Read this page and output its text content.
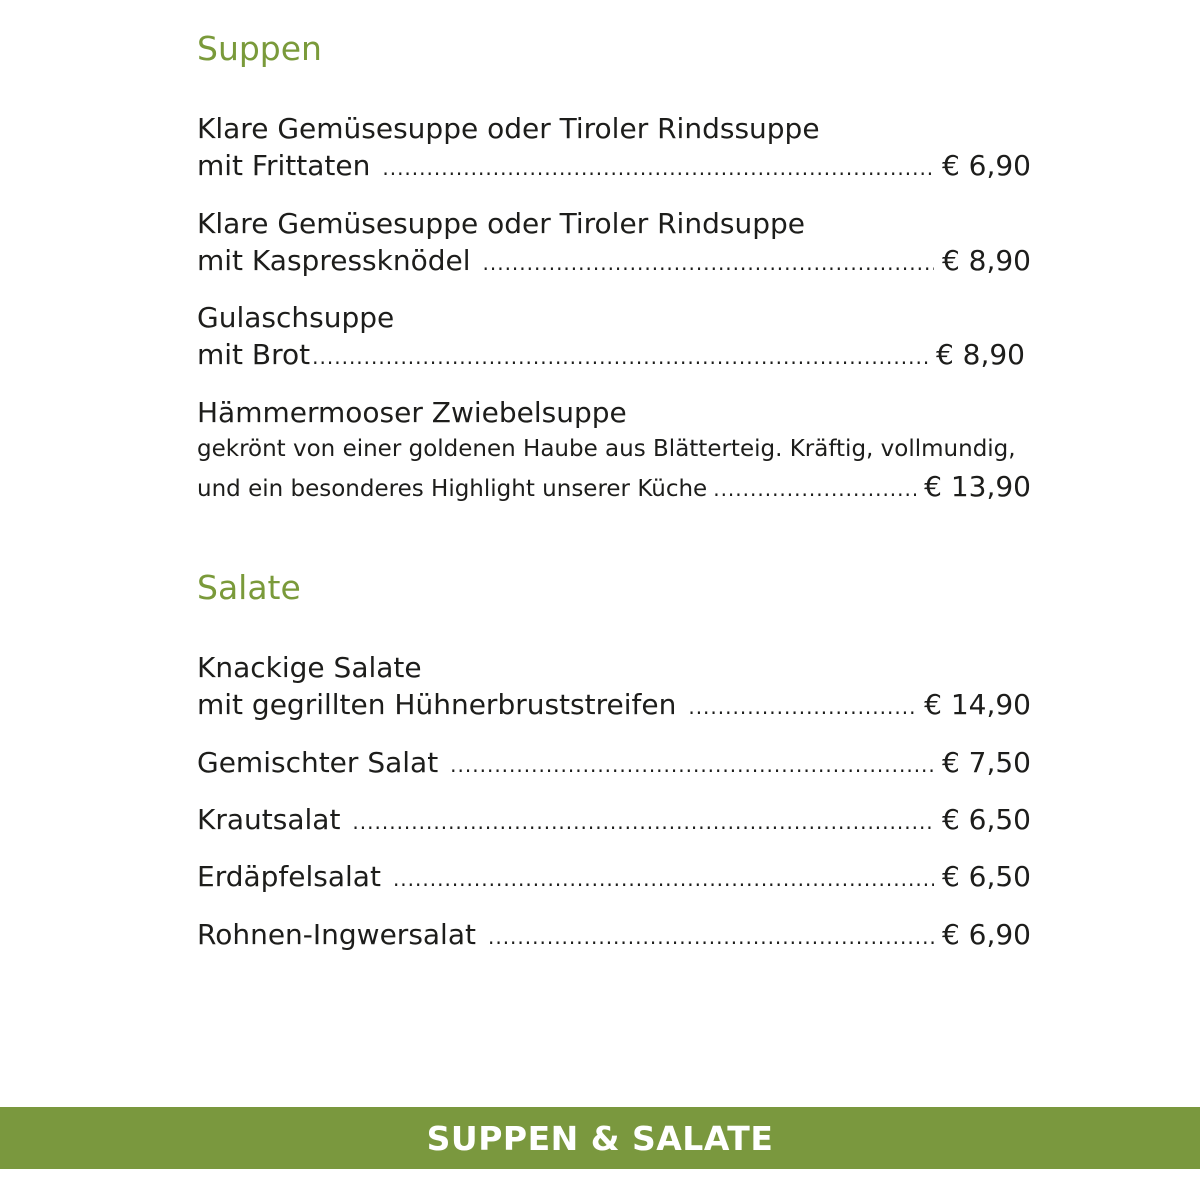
Suppen
Klare Gemüsesuppe oder Tiroler Rindssuppe
mit Frittaten .....	€ 6,90
Klare Gemüsesuppe oder Tiroler Rindsuppe
mit Kaspressknödel .....	€ 8,90
Gulaschsuppe
mit Brot .....	€ 8,90
Hämmermooser Zwiebelsuppe
gekrönt von einer goldenen Haube aus Blätterteig. Kräftig, vollmundig,
und ein besonderes Highlight unserer Küche .....	€ 13,90
Salate
Knackige Salate
mit gegrillten Hühnerbruststreifen .....	€ 14,90
Gemischter Salat .....	€ 7,50
Krautsalat .....	€ 6,50
Erdäpfelsalat .....	€ 6,50
Rohnen-Ingwersalat .....	€ 6,90
SUPPEN & SALATE
